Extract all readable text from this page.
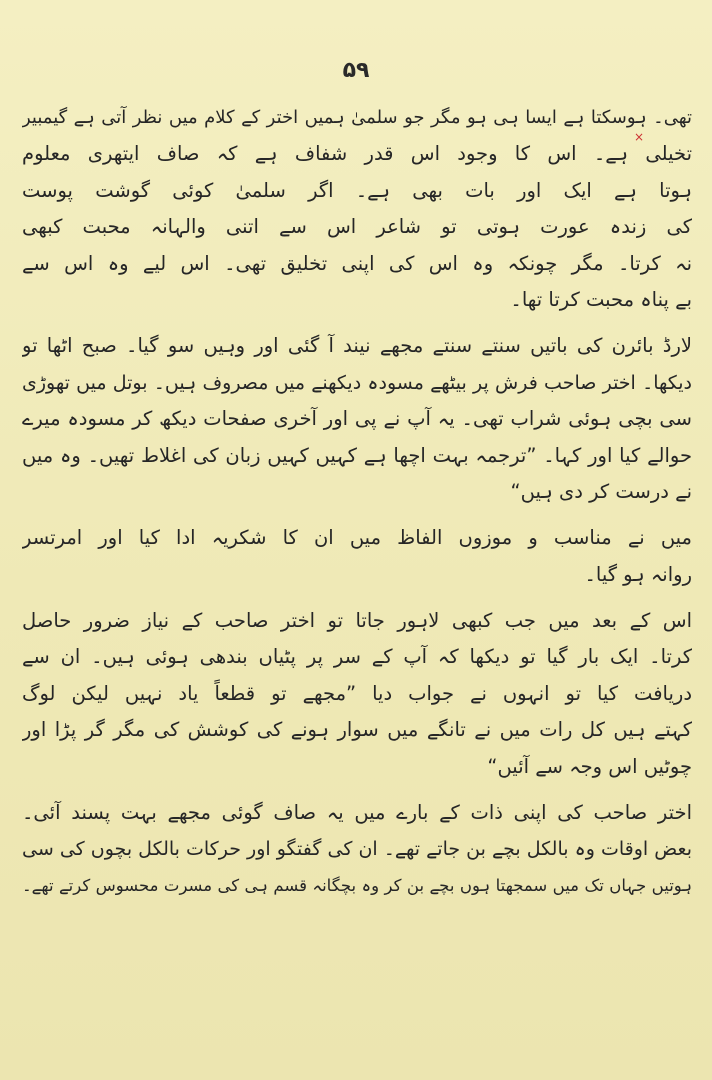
۵۹
×
تھی۔ ہوسکتا ہے ایسا ہی ہو مگر جو سلمیٰ ہمیں اختر کے کلام میں نظر آتی ہے گیمبیر
تخیلی ہے۔ اس کا وجود اس قدر شفاف ہے کہ صاف ایتھری معلوم
ہوتا ہے ایک اور بات بھی ہے۔ اگر سلمیٰ کوئی گوشت پوست
کی زندہ عورت ہوتی تو شاعر اس سے اتنی والہانہ محبت کبھی
نہ کرتا۔ مگر چونکہ وہ اس کی اپنی تخلیق تھی۔ اس لیے وہ اس سے
بے پناہ محبت کرتا تھا۔
لارڈ بائرن کی باتیں سنتے سنتے مجھے نیند آ گئی اور وہیں سو گیا۔ صبح اٹھا تو
دیکھا۔ اختر صاحب فرش پر بیٹھے مسودہ دیکھنے میں مصروف ہیں۔ بوتل میں تھوڑی
سی بچی ہوئی شراب تھی۔ یہ آپ نے پی اور آخری صفحات دیکھ کر مسودہ میرے
حوالے کیا اور کہا۔ ”ترجمہ بہت اچھا ہے کہیں کہیں زبان کی اغلاط تھیں۔ وہ میں
نے درست کر دی ہیں“
میں نے مناسب و موزوں الفاظ میں ان کا شکریہ ادا کیا اور امرتسر
روانہ ہو گیا۔
اس کے بعد میں جب کبھی لاہور جاتا تو اختر صاحب کے نیاز ضرور حاصل
کرتا۔ ایک بار گیا تو دیکھا کہ آپ کے سر پر پٹیاں بندھی ہوئی ہیں۔ ان سے
دریافت کیا تو انہوں نے جواب دیا ”مجھے تو قطعاً یاد نہیں لیکن لوگ
کہتے ہیں کل رات میں نے تانگے میں سوار ہونے کی کوشش کی مگر گر پڑا اور
چوٹیں اس وجہ سے آئیں“
اختر صاحب کی اپنی ذات کے بارے میں یہ صاف گوئی مجھے بہت پسند آئی۔
بعض اوقات وہ بالکل بچے بن جاتے تھے۔ ان کی گفتگو اور حرکات بالکل بچوں کی سی
ہوتیں جہاں تک میں سمجھتا ہوں بچے بن کر وہ بچگانہ قسم ہی کی مسرت محسوس کرتے تھے۔
